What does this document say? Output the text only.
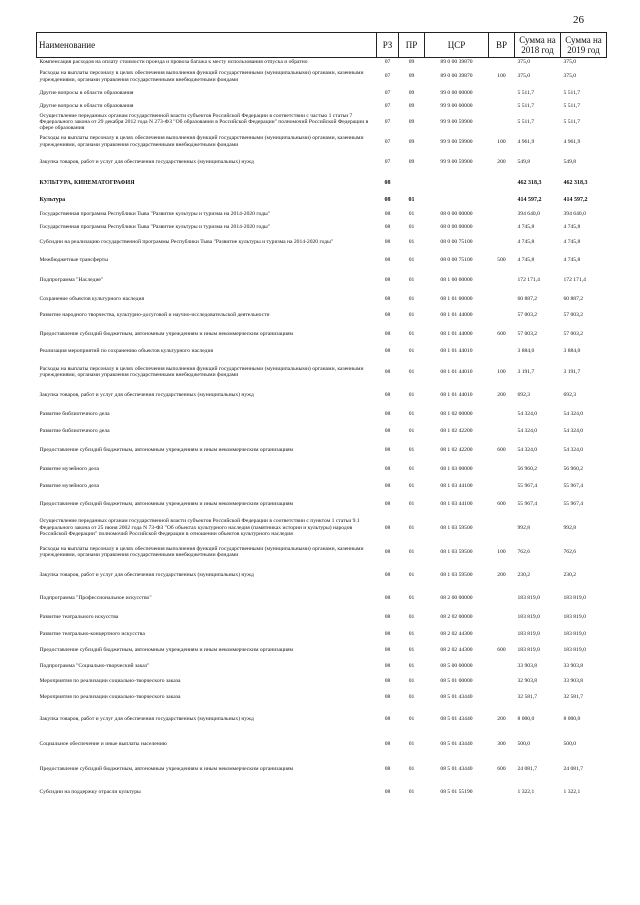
26
Наименование	РЗ	ПР	ЦСР	ВР	Сумма на 2018 год	Сумма на 2019 год
Компенсация расходов на оплату стоимости проезда и провоза багажа к месту использования отпуска и обратно	07	09	89 0 00 39870		375,0	375,0
Расходы на выплаты персоналу в целях обеспечения выполнения функций государственными (муниципальными) органами, казенными учреждениями, органами управления государственными внебюджетными фондами	07	09	89 0 00 39870	100	375,0	375,0
Другие вопросы в области образования	07	09	99 0 00 00000		5 511,7	5 511,7
Другие вопросы в области образования	07	09	99 9 00 00000		5 511,7	5 511,7
Осуществление переданных органам государственной власти субъектов Российской Федерации в соответствии с частью 1 статьи 7 Федерального закона от 29 декабря 2012 года N 273-ФЗ "Об образовании в Российской Федерации" полномочий Российской Федерации в сфере образования	07	09	99 9 00 59900		5 511,7	5 511,7
Расходы на выплаты персоналу в целях обеспечения выполнения функций государственными (муниципальными) органами, казенными учреждениями, органами управления государственными внебюджетными фондами	07	09	99 9 00 59900	100	4 961,9	4 961,9
Закупка товаров, работ и услуг для обеспечения государственных (муниципальных) нужд	07	09	99 9 00 59900	200	549,8	549,8
КУЛЬТУРА, КИНЕМАТОГРАФИЯ	08				462 318,3	462 318,3
Культура	08	01			414 597,2	414 597,2
Государственная программа Республики Тыва "Развитие культуры и туризма на 2014-2020 годы"	08	01	08 0 00 00000		394 640,0	394 640,0
Государственная программа Республики Тыва "Развитие культуры и туризма на 2014-2020 годы"	08	01	08 0 00 00000		4 745,8	4 745,8
Субсидии на реализацию государственной программы Республики Тыва "Развитие культуры и туризма на 2014-2020 годы"	08	01	08 0 00 75100		4 745,8	4 745,8
Межбюджетные трансферты	08	01	08 0 00 75100	500	4 745,8	4 745,8
Подпрограмма "Наследие"	08	01	08 1 00 00000		172 171,4	172 171,4
Сохранение объектов культурного наследия	08	01	08 1 01 00000		60 887,2	60 887,2
Развитие народного творчества, культурно-досуговой и научно-исследовательской деятельности	08	01	08 1 01 44000		57 003,2	57 003,2
Предоставление субсидий бюджетным, автономным учреждениям и иным некоммерческим организациям	08	01	08 1 01 44000	600	57 003,2	57 003,2
Реализация мероприятий по сохранению объектов культурного наследия	08	01	08 1 01 44010		3 884,0	3 884,0
Расходы на выплаты персоналу в целях обеспечения выполнения функций государственными (муниципальными) органами, казенными учреждениями, органами управления государственными внебюджетными фондами	08	01	08 1 01 44010	100	3 191,7	3 191,7
Закупка товаров, работ и услуг для обеспечения государственных (муниципальных) нужд	08	01	08 1 01 44010	200	692,3	692,3
Развитие библиотечного дела	08	01	08 1 02 00000		54 324,0	54 324,0
Развитие библиотечного дела	08	01	08 1 02 42200		54 324,0	54 324,0
Предоставление субсидий бюджетным, автономным учреждениям и иным некоммерческим организациям	08	01	08 1 02 42200	600	54 324,0	54 324,0
Развитие музейного дела	08	01	08 1 03 00000		56 960,2	56 960,2
Развитие музейного дела	08	01	08 1 03 44100		55 967,4	55 967,4
Предоставление субсидий бюджетным, автономным учреждениям и иным некоммерческим организациям	08	01	08 1 03 44100	600	55 967,4	55 967,4
Осуществление переданных органам государственной власти субъектов Российской Федерации в соответствии с пунктом 1 статьи 9.1 Федерального закона от 25 июня 2002 года N 73-ФЗ "Об объектах культурного наследия (памятниках истории и культуры) народов Российской Федерации" полномочий Российской Федерации в отношении объектов культурного наследия	08	01	08 1 03 59500		992,8	992,8
Расходы на выплаты персоналу в целях обеспечения выполнения функций государственными (муниципальными) органами, казенными учреждениями, органами управления государственными внебюджетными фондами	08	01	08 1 03 59500	100	762,6	762,6
Закупка товаров, работ и услуг для обеспечения государственных (муниципальных) нужд	08	01	08 1 03 59500	200	230,2	230,2
Подпрограмма "Профессиональное искусство"	08	01	08 2 00 00000		183 819,0	183 819,0
Развитие театрального искусства	08	01	08 2 02 00000		183 819,0	183 819,0
Развитие театрально-концертного искусства	08	01	08 2 02 44300		183 819,0	183 819,0
Предоставление субсидий бюджетным, автономным учреждениям и иным некоммерческим организациям	08	01	08 2 02 44300	600	183 819,0	183 819,0
Подпрограмма "Социально-творческий заказ"	08	01	08 5 00 00000		33 903,8	33 903,8
Мероприятия по реализации социально-творческого заказа	08	01	08 5 01 00000		32 903,8	33 903,8
Мероприятия по реализации социально-творческого заказа	08	01	08 5 01 43440		32 581,7	32 581,7
Закупка товаров, работ и услуг для обеспечения государственных (муниципальных) нужд	08	01	08 5 01 43440	200	8 000,0	8 000,0
Социальное обеспечение и иные выплаты населению	08	01	08 5 01 43440	300	500,0	500,0
Предоставление субсидий бюджетным, автономным учреждениям и иным некоммерческим организациям	08	01	08 5 01 43440	600	24 081,7	24 081,7
Субсидии на поддержку отрасли культуры	08	01	08 5 01 55190		1 322,1	1 322,1
